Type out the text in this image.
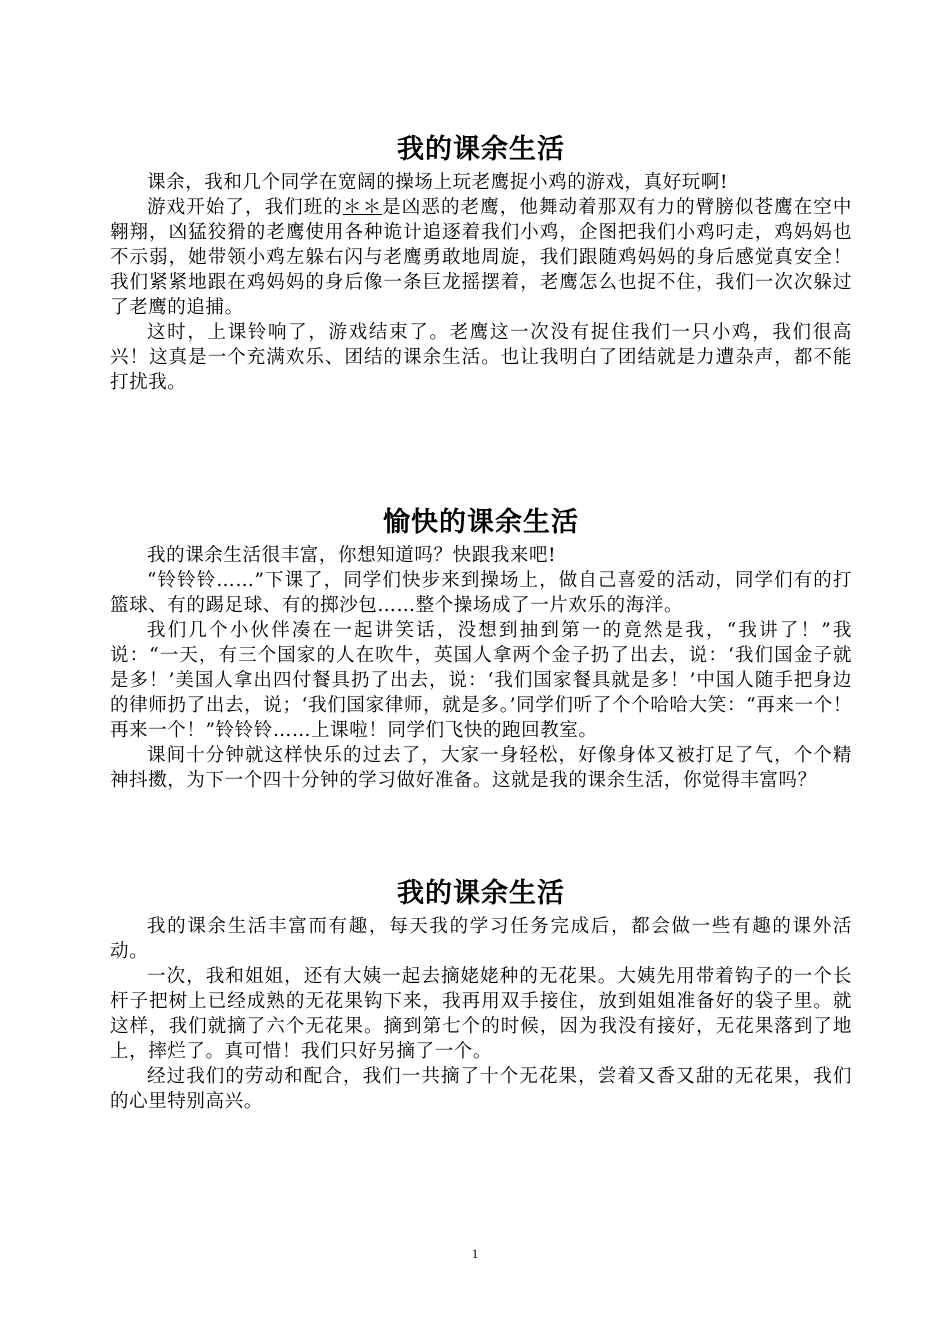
我的课余生活

课余，我和几个同学在宽阔的操场上玩老鹰捉小鸡的游戏，真好玩啊!

游戏开始了，我们班的＊＊是凶恶的老鹰，他舞动着那双有力的臂膀似苍鹰在空中翱翔，凶猛狡猾的老鹰使用各种诡计追逐着我们小鸡，企图把我们小鸡叼走，鸡妈妈也不示弱，她带领小鸡左躲右闪与老鹰勇敢地周旋，我们跟随鸡妈妈的身后感觉真安全！我们紧紧地跟在鸡妈妈的身后像一条巨龙摇摆着，老鹰怎么也捉不住，我们一次次躲过了老鹰的追捕。

这时，上课铃响了，游戏结束了。老鹰这一次没有捉住我们一只小鸡，我们很高兴！这真是一个充满欢乐、团结的课余生活。也让我明白了团结就是力遭杂声，都不能打扰我。

愉快的课余生活

我的课余生活很丰富，你想知道吗？快跟我来吧!

“铃铃铃……”下课了，同学们快步来到操场上，做自己喜爱的活动，同学们有的打篮球、有的踢足球、有的掷沙包……整个操场成了一片欢乐的海洋。

我们几个小伙伴凑在一起讲笑话，没想到抽到第一的竟然是我，“我讲了！”我说：“一天，有三个国家的人在吹牛，英国人拿两个金子扔了出去，说：‘我们国金子就是多！’美国人拿出四付餐具扔了出去，说：‘我们国家餐具就是多！’中国人随手把身边的律师扔了出去，说；‘我们国家律师，就是多。’同学们听了个个哈哈大笑：“再来一个！再来一个！”铃铃铃……上课啦！同学们飞快的跑回教室。

课间十分钟就这样快乐的过去了，大家一身轻松，好像身体又被打足了气，个个精神抖擞，为下一个四十分钟的学习做好准备。这就是我的课余生活，你觉得丰富吗？

我的课余生活

我的课余生活丰富而有趣，每天我的学习任务完成后，都会做一些有趣的课外活动。

一次，我和姐姐，还有大姨一起去摘姥姥种的无花果。大姨先用带着钩子的一个长杆子把树上已经成熟的无花果钩下来，我再用双手接住，放到姐姐准备好的袋子里。就这样，我们就摘了六个无花果。摘到第七个的时候，因为我没有接好，无花果落到了地上，摔烂了。真可惜！我们只好另摘了一个。

经过我们的劳动和配合，我们一共摘了十个无花果，尝着又香又甜的无花果，我们的心里特别高兴。

1
